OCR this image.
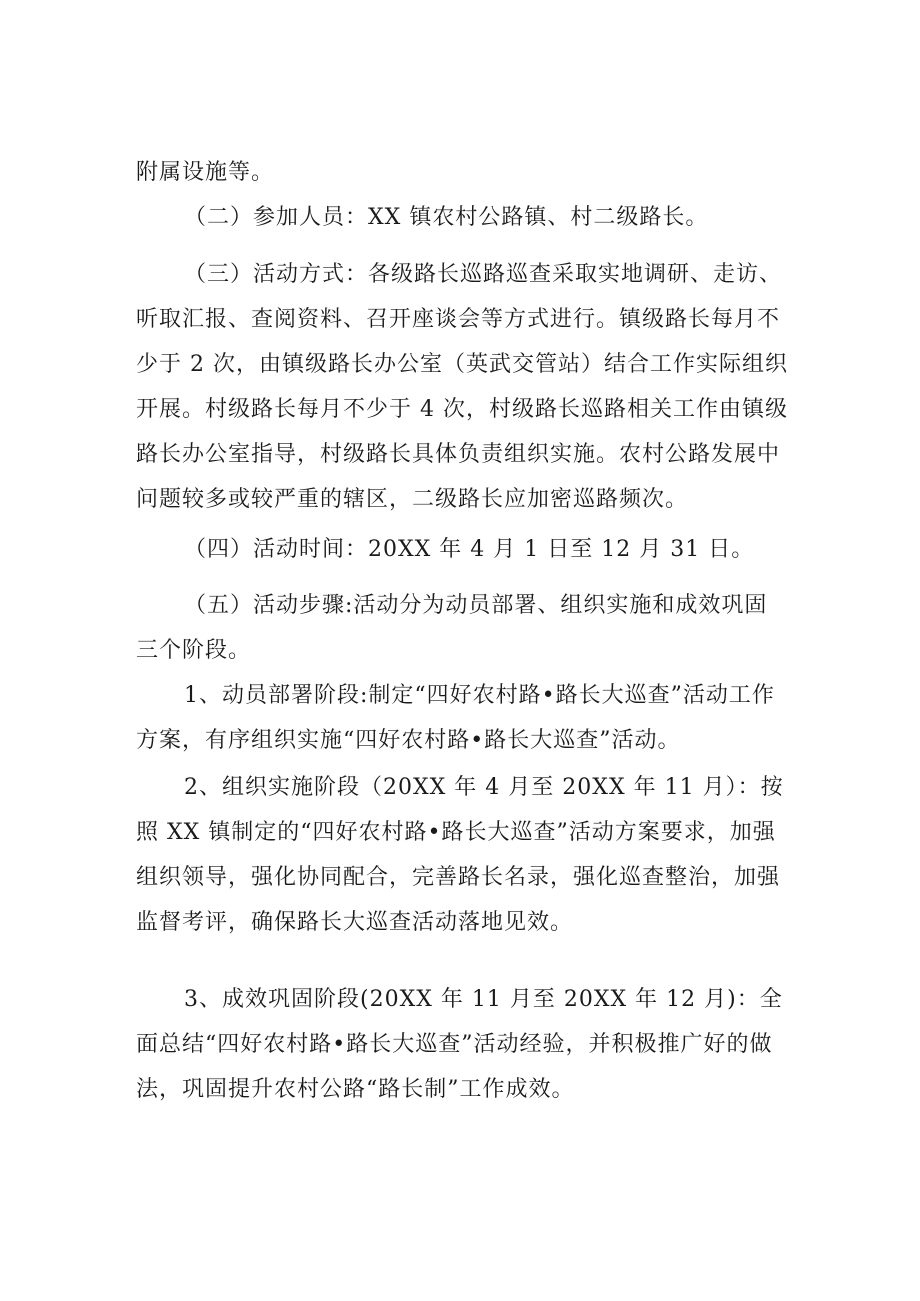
附属设施等。

（二）参加人员：XX 镇农村公路镇、村二级路长。

（三）活动方式：各级路长巡路巡查采取实地调研、走访、听取汇报、查阅资料、召开座谈会等方式进行。镇级路长每月不少于 2 次，由镇级路长办公室（英武交管站）结合工作实际组织开展。村级路长每月不少于 4 次，村级路长巡路相关工作由镇级路长办公室指导，村级路长具体负责组织实施。农村公路发展中问题较多或较严重的辖区，二级路长应加密巡路频次。

（四）活动时间：20XX 年 4 月 1 日至 12 月 31 日。

（五）活动步骤:活动分为动员部署、组织实施和成效巩固三个阶段。

1、动员部署阶段:制定“四好农村路•路长大巡查”活动工作方案，有序组织实施“四好农村路•路长大巡查”活动。

2、组织实施阶段（20XX 年 4 月至 20XX 年 11 月）：按照 XX 镇制定的“四好农村路•路长大巡查”活动方案要求，加强组织领导，强化协同配合，完善路长名录，强化巡查整治，加强监督考评，确保路长大巡查活动落地见效。

3、成效巩固阶段(20XX 年 11 月至 20XX 年 12 月)：全面总结“四好农村路•路长大巡查”活动经验，并积极推广好的做法，巩固提升农村公路“路长制”工作成效。
